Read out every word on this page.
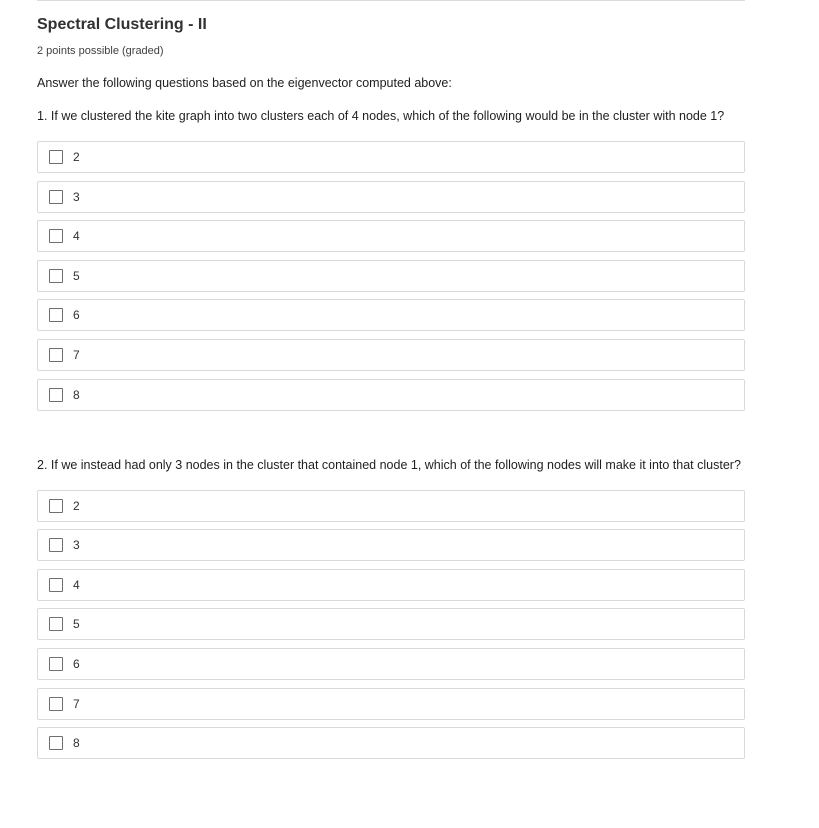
Spectral Clustering - II
2 points possible (graded)
Answer the following questions based on the eigenvector computed above:
1. If we clustered the kite graph into two clusters each of 4 nodes, which of the following would be in the cluster with node 1?
2
3
4
5
6
7
8
2. If we instead had only 3 nodes in the cluster that contained node 1, which of the following nodes will make it into that cluster?
2
3
4
5
6
7
8
